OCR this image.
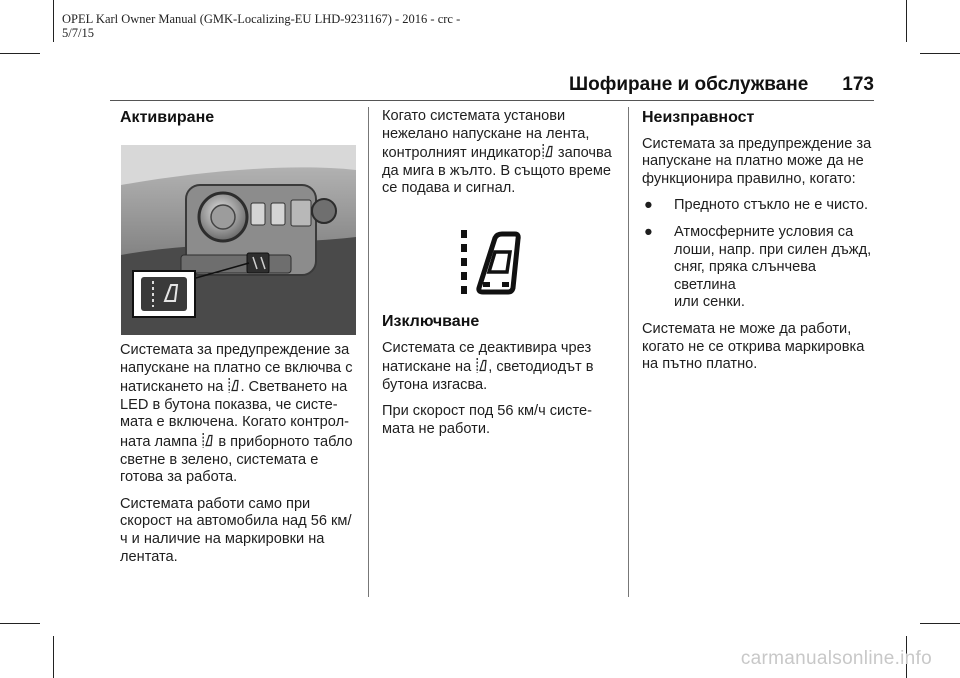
OPEL Karl Owner Manual (GMK-Localizing-EU LHD-9231167) - 2016 - crc -
5/7/15
Шофиране и обслужване 173
Активиране

Системата за предупреждение за
напускане на платно се включва с
натискането на . Светването на
LED в бутона показва, че систе-
мата е включена. Когато контрол-
ната лампа  в приборното табло
светне в зелено, системата е
готова за работа.

Системата работи само при
скорост на автомобила над 56 км/
ч и наличие на маркировки на
лентата.

Когато системата установи
нежелано напускане на лента,
контролният индикатор започва
да мига в жълто. В същото време
се подава и сигнал.

Изключване

Системата се деактивира чрез
натискане на , светодиодът в
бутона изгасва.

При скорост под 56 км/ч систе-
мата не работи.

Неизправност

Системата за предупреждение за
напускане на платно може да не
функционира правилно, когато:

●	Предното стъкло не е чисто.
●	Атмосферните условия са
лоши, напр. при силен дъжд,
сняг, пряка слънчева светлина
или сенки.

Системата не може да работи,
когато не се открива маркировка
на пътно платно.

carmanualsonline.info
